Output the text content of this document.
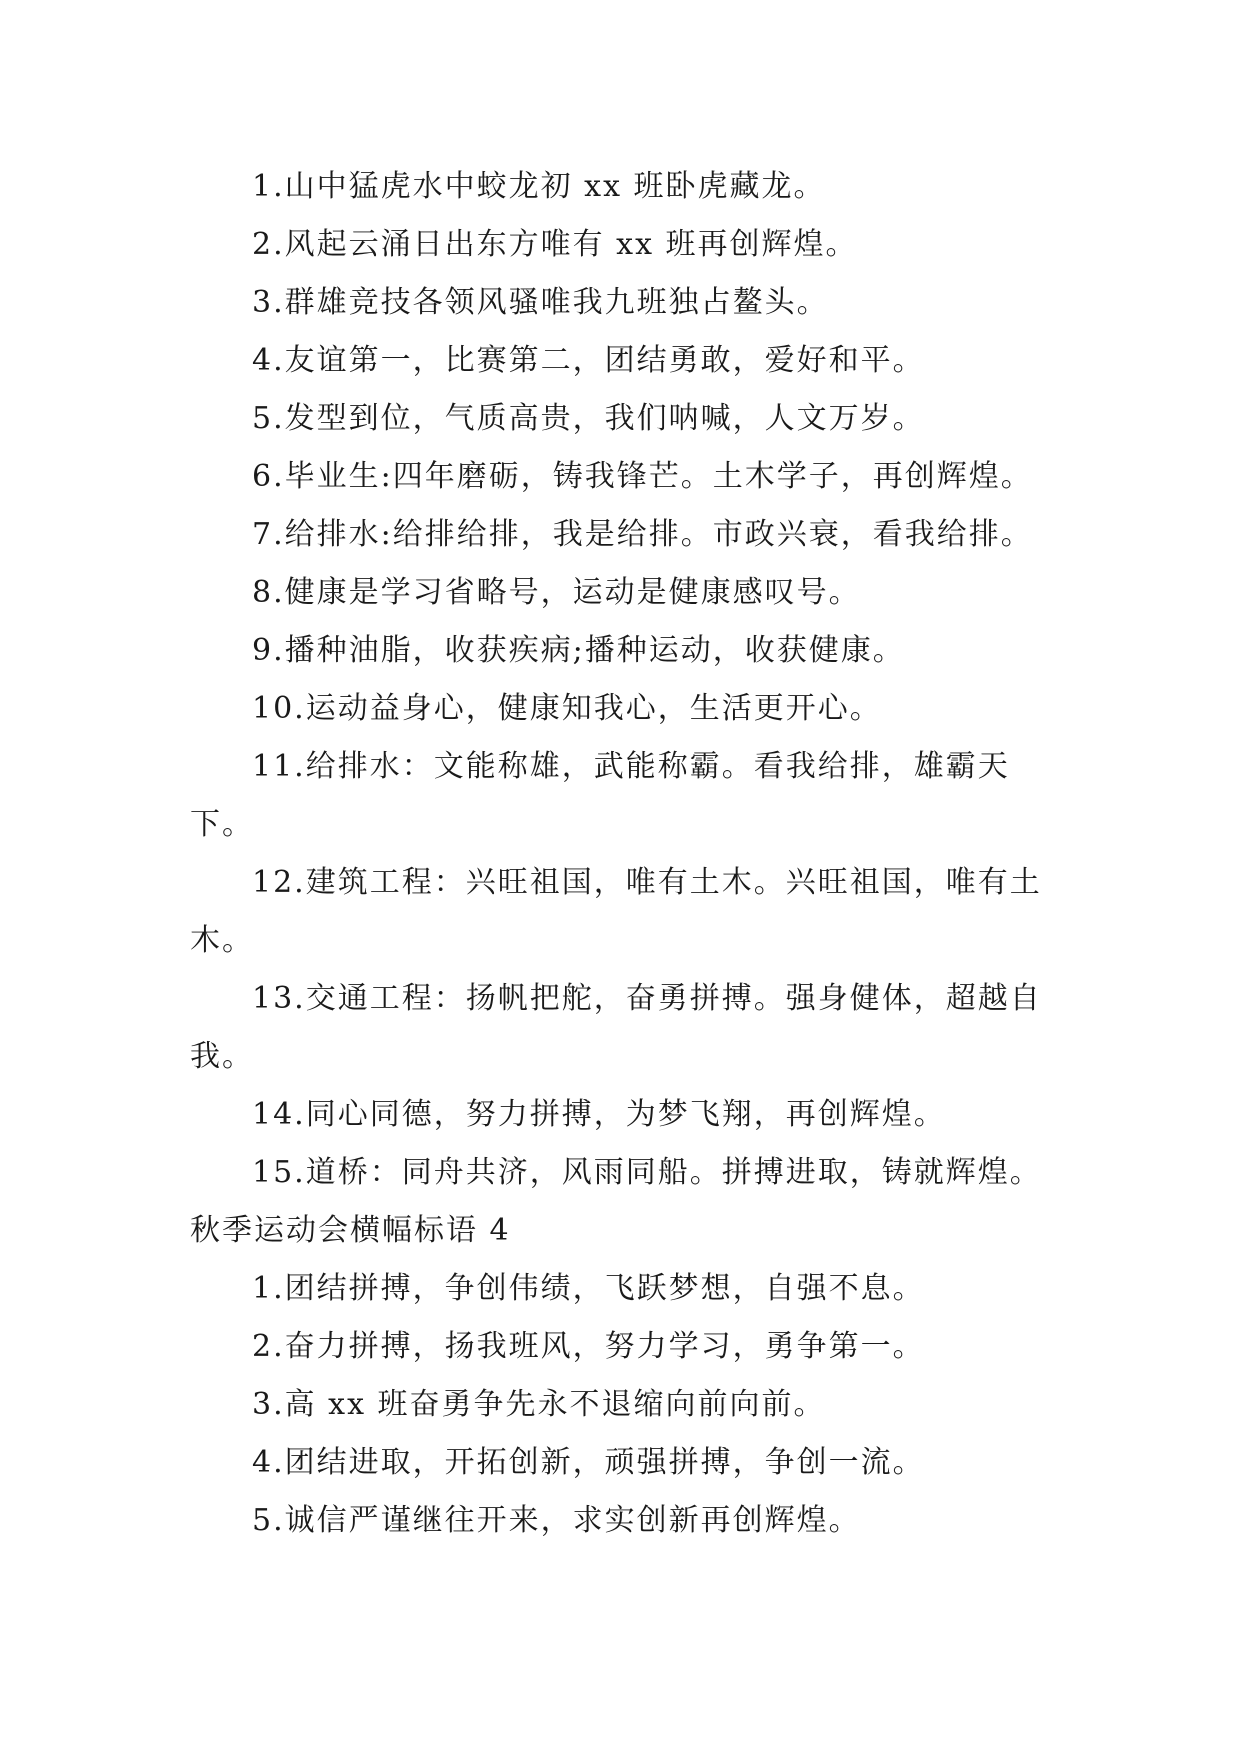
1.山中猛虎水中蛟龙初 xx 班卧虎藏龙。

2.风起云涌日出东方唯有 xx 班再创辉煌。

3.群雄竞技各领风骚唯我九班独占鳌头。

4.友谊第一，比赛第二，团结勇敢，爱好和平。

5.发型到位，气质高贵，我们呐喊，人文万岁。

6.毕业生:四年磨砺，铸我锋芒。土木学子，再创辉煌。

7.给排水:给排给排，我是给排。市政兴衰，看我给排。

8.健康是学习省略号，运动是健康感叹号。

9.播种油脂，收获疾病;播种运动，收获健康。

10.运动益身心，健康知我心，生活更开心。

11.给排水：文能称雄，武能称霸。看我给排，雄霸天下。

12.建筑工程：兴旺祖国，唯有土木。兴旺祖国，唯有土木。

13.交通工程：扬帆把舵，奋勇拼搏。强身健体，超越自我。

14.同心同德，努力拼搏，为梦飞翔，再创辉煌。

15.道桥：同舟共济，风雨同船。拼搏进取，铸就辉煌。

秋季运动会横幅标语 4

1.团结拼搏，争创伟绩，飞跃梦想，自强不息。

2.奋力拼搏，扬我班风，努力学习，勇争第一。

3.高 xx 班奋勇争先永不退缩向前向前。

4.团结进取，开拓创新，顽强拼搏，争创一流。

5.诚信严谨继往开来，求实创新再创辉煌。
